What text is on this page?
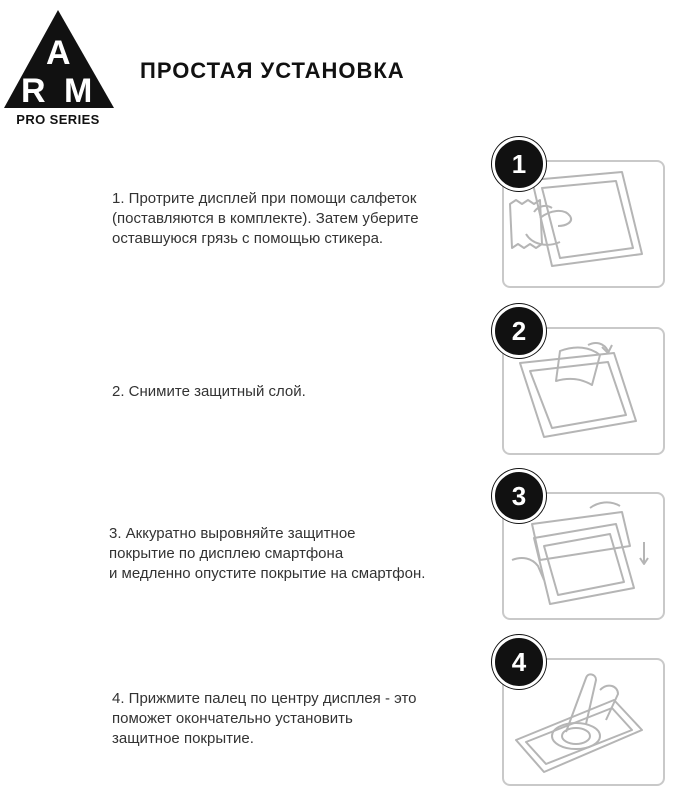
A
R M
PRO SERIES
ПРОСТАЯ УСТАНОВКА
1. Протрите дисплей при помощи салфеток
(поставляются в комплекте). Затем уберите
оставшуюся грязь с помощью стикера.
1
2. Снимите защитный слой.
2
3. Аккуратно выровняйте защитное
покрытие по дисплею смартфона
и медленно опустите покрытие на смартфон.
3
4. Прижмите палец по центру дисплея - это
поможет окончательно установить
защитное покрытие.
4
